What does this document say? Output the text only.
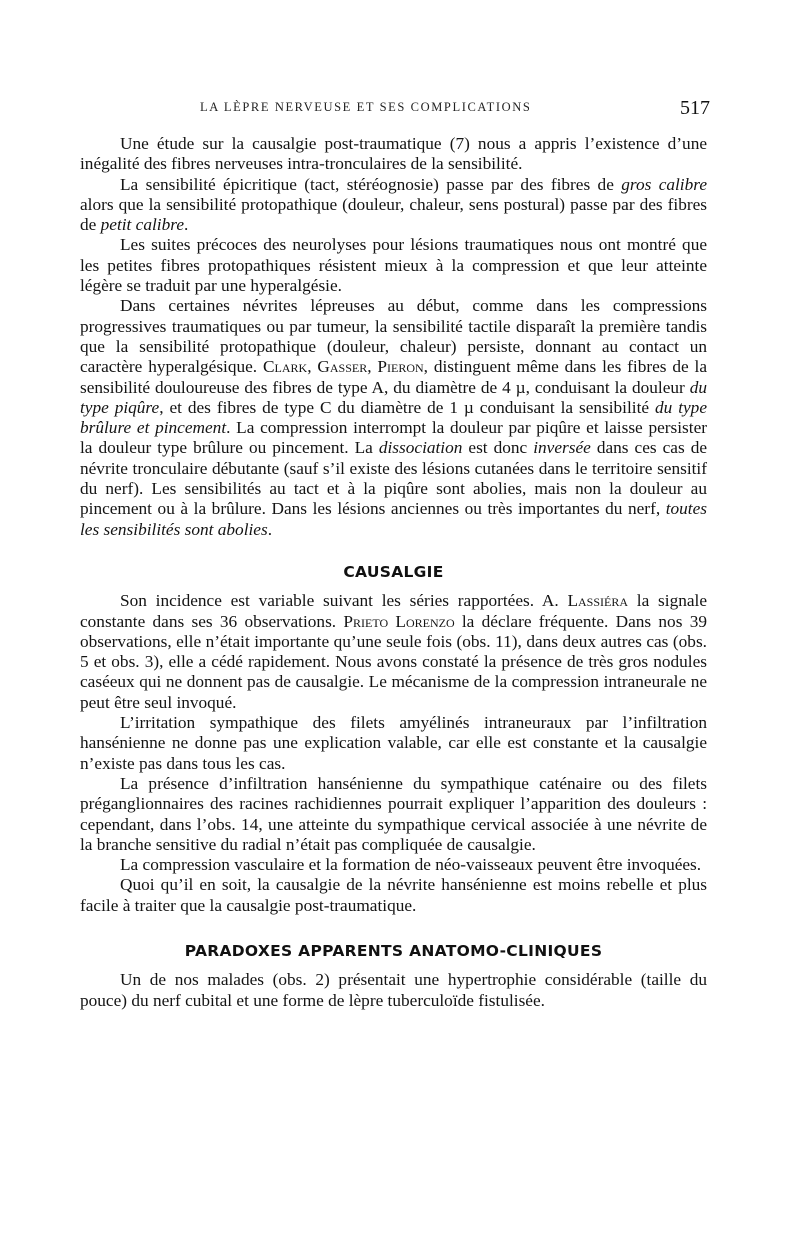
LA LÈPRE NERVEUSE ET SES COMPLICATIONS	517

Une étude sur la causalgie post-traumatique (7) nous a appris l’existence d’une inégalité des fibres nerveuses intra-tronculaires de la sensibilité.

La sensibilité épicritique (tact, stéréognosie) passe par des fibres de gros calibre alors que la sensibilité protopathique (douleur, chaleur, sens postural) passe par des fibres de petit calibre.

Les suites précoces des neurolyses pour lésions traumatiques nous ont montré que les petites fibres protopathiques résistent mieux à la compression et que leur atteinte légère se traduit par une hyperalgésie.

Dans certaines névrites lépreuses au début, comme dans les compressions progressives traumatiques ou par tumeur, la sensibilité tactile disparaît la première tandis que la sensibilité protopathique (douleur, chaleur) persiste, donnant au contact un caractère hyperalgésique. Clark, Gasser, Pieron, distinguent même dans les fibres de la sensibilité douloureuse des fibres de type A, du diamètre de 4 µ, conduisant la douleur du type piqûre, et des fibres de type C du diamètre de 1 µ conduisant la sensibilité du type brûlure et pincement. La compression interrompt la douleur par piqûre et laisse persister la douleur type brûlure ou pincement. La dissociation est donc inversée dans ces cas de névrite tronculaire débutante (sauf s’il existe des lésions cutanées dans le territoire sensitif du nerf). Les sensibilités au tact et à la piqûre sont abolies, mais non la douleur au pincement ou à la brûlure. Dans les lésions anciennes ou très importantes du nerf, toutes les sensibilités sont abolies.

CAUSALGIE

Son incidence est variable suivant les séries rapportées. A. Lassiéra la signale constante dans ses 36 observations. Prieto Lorenzo la déclare fréquente. Dans nos 39 observations, elle n’était importante qu’une seule fois (obs. 11), dans deux autres cas (obs. 5 et obs. 3), elle a cédé rapidement. Nous avons constaté la présence de très gros nodules caséeux qui ne donnent pas de causalgie. Le mécanisme de la compression intraneurale ne peut être seul invoqué.

L’irritation sympathique des filets amyélinés intraneuraux par l’infiltration hansénienne ne donne pas une explication valable, car elle est constante et la causalgie n’existe pas dans tous les cas.

La présence d’infiltration hansénienne du sympathique caténaire ou des filets préganglionnaires des racines rachidiennes pourrait expliquer l’apparition des douleurs : cependant, dans l’obs. 14, une atteinte du sympathique cervical associée à une névrite de la branche sensitive du radial n’était pas compliquée de causalgie.

La compression vasculaire et la formation de néo-vaisseaux peuvent être invoquées.

Quoi qu’il en soit, la causalgie de la névrite hansénienne est moins rebelle et plus facile à traiter que la causalgie post-traumatique.

PARADOXES APPARENTS ANATOMO-CLINIQUES

Un de nos malades (obs. 2) présentait une hypertrophie considérable (taille du pouce) du nerf cubital et une forme de lèpre tuberculoïde fistulisée.
